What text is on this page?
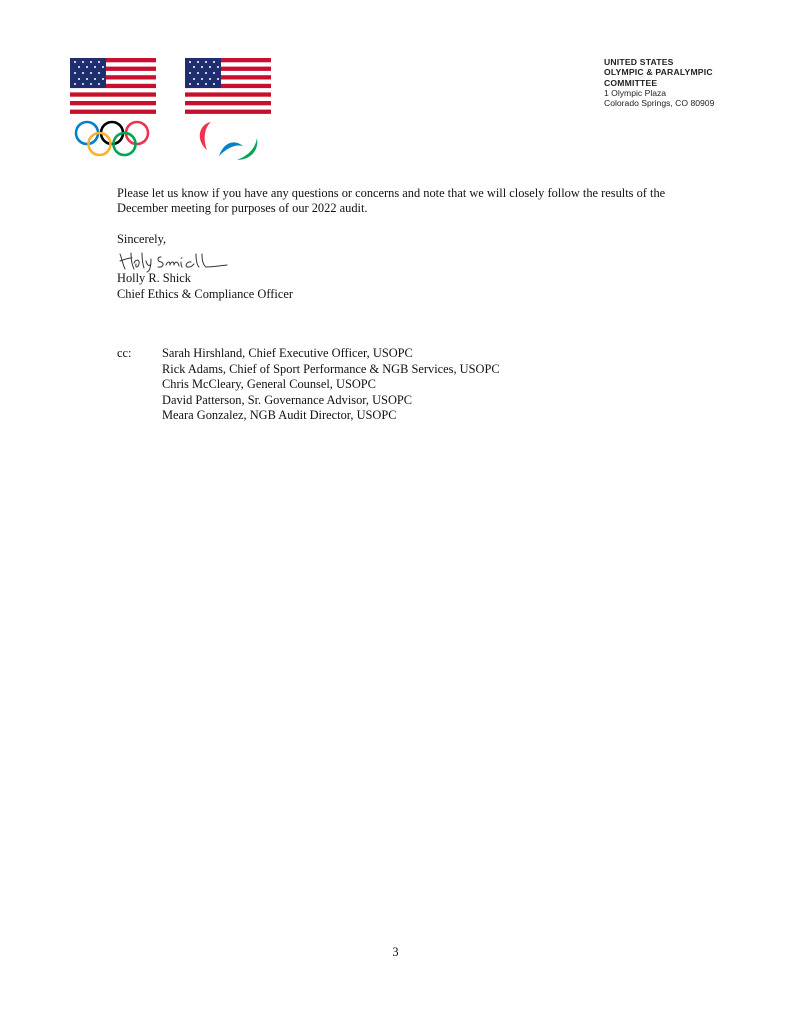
UNITED STATES
OLYMPIC & PARALYMPIC
COMMITTEE
1 Olympic Plaza
Colorado Springs, CO 80909

Please let us know if you have any questions or concerns and note that we will closely follow the results of the December meeting for purposes of our 2022 audit.

Sincerely,
Holly R. Shick
Chief Ethics & Compliance Officer
cc: Sarah Hirshland, Chief Executive Officer, USOPC
Rick Adams, Chief of Sport Performance & NGB Services, USOPC
Chris McCleary, General Counsel, USOPC
David Patterson, Sr. Governance Advisor, USOPC
Meara Gonzalez, NGB Audit Director, USOPC
3
